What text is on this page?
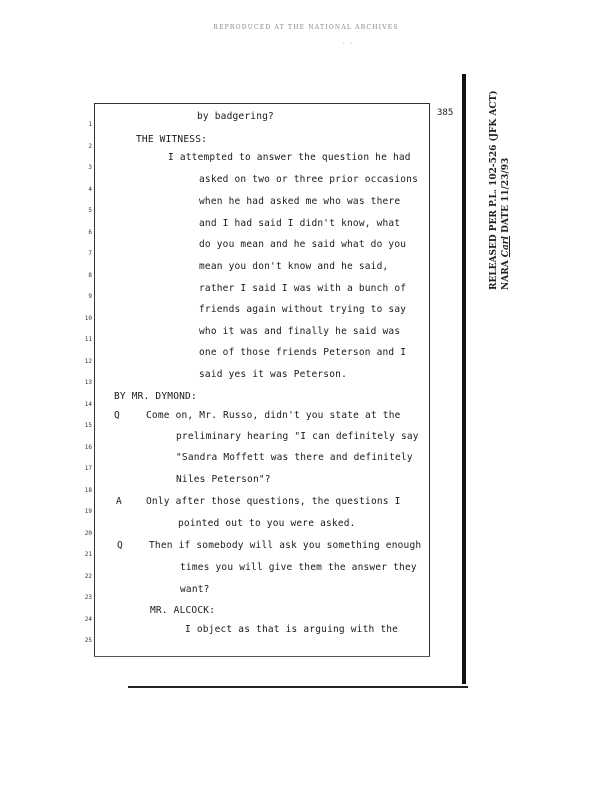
REPRODUCED AT THE NATIONAL ARCHIVES
· ·
385
1
2
3
4
5
6
7
8
9
10
11
12
13
14
15
16
17
18
19
20
21
22
23
24
25
by badgering?
THE WITNESS:
I attempted to answer the question he had
asked on two or three prior occasions
when he had asked me who was there
and I had said I didn't know, what
do you mean and he said what do you
mean you don't know and he said,
rather I said I was with a bunch of
friends again without trying to say
who it was and finally he said was
one of those friends Peterson and I
said yes it was Peterson.
BY MR. DYMOND:
Q	Come on, Mr. Russo, didn't you state at the
preliminary hearing "I can definitely say
"Sandra Moffett was there and definitely
Niles Peterson"?
A	Only after those questions, the questions I
pointed out to you were asked.
Q	Then if somebody will ask you something enough
times you will give them the answer they
want?
MR. ALCOCK:
I object as that is arguing with the
RELEASED PER P.L. 102-526 (JFK ACT) NARA Carl DATE 11/23/93
